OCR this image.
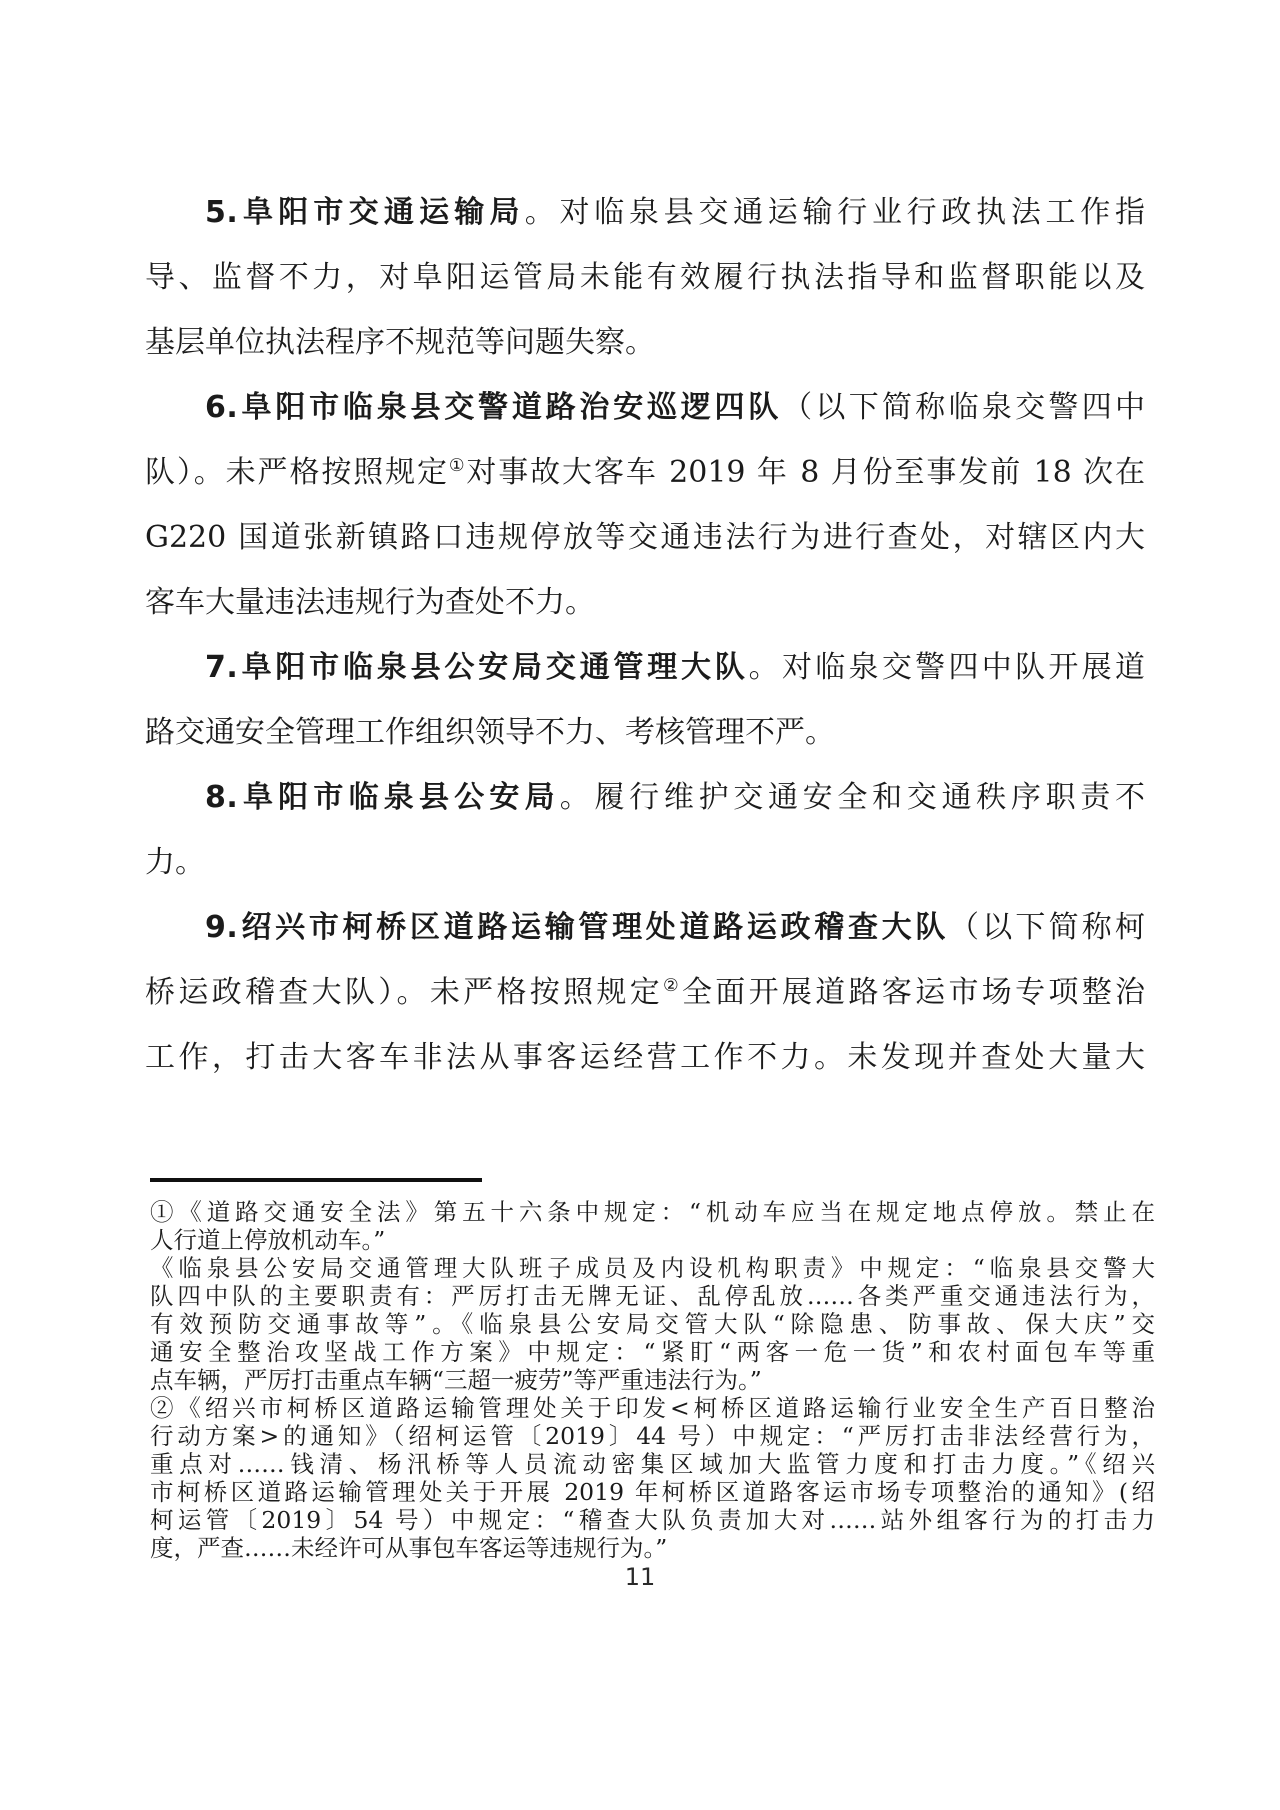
5.阜阳市交通运输局。对临泉县交通运输行业行政执法工作指
导、监督不力，对阜阳运管局未能有效履行执法指导和监督职能以及
基层单位执法程序不规范等问题失察。
6.阜阳市临泉县交警道路治安巡逻四队（以下简称临泉交警四中
队）。未严格按照规定①对事故大客车 2019 年 8 月份至事发前 18 次在
G220 国道张新镇路口违规停放等交通违法行为进行查处，对辖区内大
客车大量违法违规行为查处不力。
7.阜阳市临泉县公安局交通管理大队。对临泉交警四中队开展道
路交通安全管理工作组织领导不力、考核管理不严。
8.阜阳市临泉县公安局。履行维护交通安全和交通秩序职责不
力。
9.绍兴市柯桥区道路运输管理处道路运政稽查大队（以下简称柯
桥运政稽查大队）。未严格按照规定②全面开展道路客运市场专项整治
工作，打击大客车非法从事客运经营工作不力。未发现并查处大量大
①《道路交通安全法》第五十六条中规定：“机动车应当在规定地点停放。禁止在
人行道上停放机动车。”
《临泉县公安局交通管理大队班子成员及内设机构职责》中规定：“临泉县交警大
队四中队的主要职责有：严厉打击无牌无证、乱停乱放……各类严重交通违法行为，
有效预防交通事故等”。《临泉县公安局交管大队“除隐患、防事故、保大庆”交
通安全整治攻坚战工作方案》中规定：“紧盯“两客一危一货”和农村面包车等重
点车辆，严厉打击重点车辆“三超一疲劳”等严重违法行为。”
②《绍兴市柯桥区道路运输管理处关于印发<柯桥区道路运输行业安全生产百日整治
行动方案>的通知》（绍柯运管〔2019〕44 号）中规定：“严厉打击非法经营行为，
重点对……钱清、杨汛桥等人员流动密集区域加大监管力度和打击力度。”《绍兴
市柯桥区道路运输管理处关于开展 2019 年柯桥区道路客运市场专项整治的通知》(绍
柯运管〔2019〕54 号）中规定：“稽查大队负责加大对……站外组客行为的打击力
度，严查……未经许可从事包车客运等违规行为。”
11
